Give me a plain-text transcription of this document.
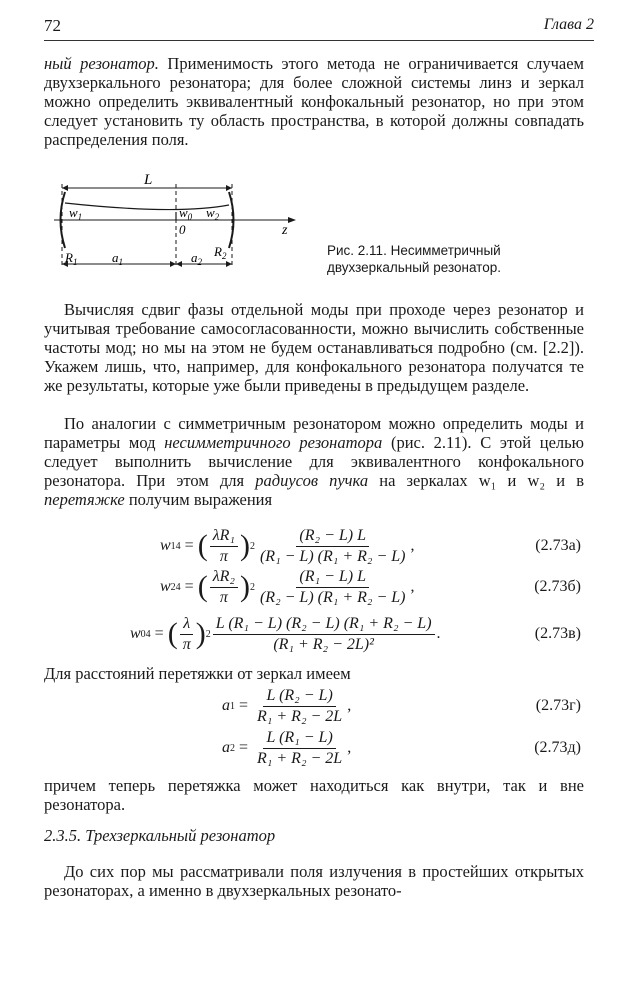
72	Глава 2
ный резонатор. Применимость этого метода не ограничивается случаем двухзеркального резонатора; для более сложной системы линз и зеркал можно определить эквивалентный конфокальный резонатор, но при этом следует установить ту область пространства, в которой должны совпадать распределения поля.
L
$w_1$	$w_0$ $w_2$
0	z
$R_1$	$a_1$	$a_2$
$R_2$	Рис. 2.11. Несимметричный двухзеркальный резонатор.
Вычисляя сдвиг фазы отдельной моды при проходе через резонатор и учитывая требование самосогласованности, можно вычислить собственные частоты мод; но мы на этом не будем останавливаться подробно (см. [2.2]). Укажем лишь, что, например, для конфокального резонатора получатся те же результаты, которые уже были приведены в предыдущем разделе.
По аналогии с симметричным резонатором можно определить моды и параметры мод несимметричного резонатора (рис. 2.11). С этой целью следует выполнить вычисление для эквивалентного конфокального резонатора. При этом для радиусов пучка на зеркалах w₁ и w₂ и в перетяжке получим выражения
w 1 4 = ( $\frac{\text{λR₁}}{\pi}$ ) $2 \frac{\text{(R₂ − L) L}}{\text{(R₁ − L) (R₁ + R₂ − L)}}$ ,	(2.73а)
w 2 4 = ( $\frac{\text{λR₂}}{\pi}$ ) $2 \frac{\text{(R₁ − L) L}}{\text{(R₂ − L) (R₁ + R₂ − L)}}$ ,	(2.73б)
w 0 4 = ( $\frac{\lambda}{\pi}$ ) $2 \frac{\text{L (R₁ − L) (R₂ − L) (R₁ + R₂ − L)}}{\text{(R₁ + R₂ − 2L)²}}$ .	(2.73в)
Для расстояний перетяжки от зеркал имеем
a $1 = \frac{\text{L (R₂ − L)}}{\text{R₁ + R₂ − 2L}}$ ,	(2.73г)
a $2 = \frac{\text{L (R₁ − L)}}{\text{R₁ + R₂ − 2L}}$ ,	(2.73д)
причем теперь перетяжка может находиться как внутри, так и вне резонатора.
2.3.5. Трехзеркальный резонатор
До сих пор мы рассматривали поля излучения в простейших открытых резонаторах, а именно в двухзеркальных резонато-
